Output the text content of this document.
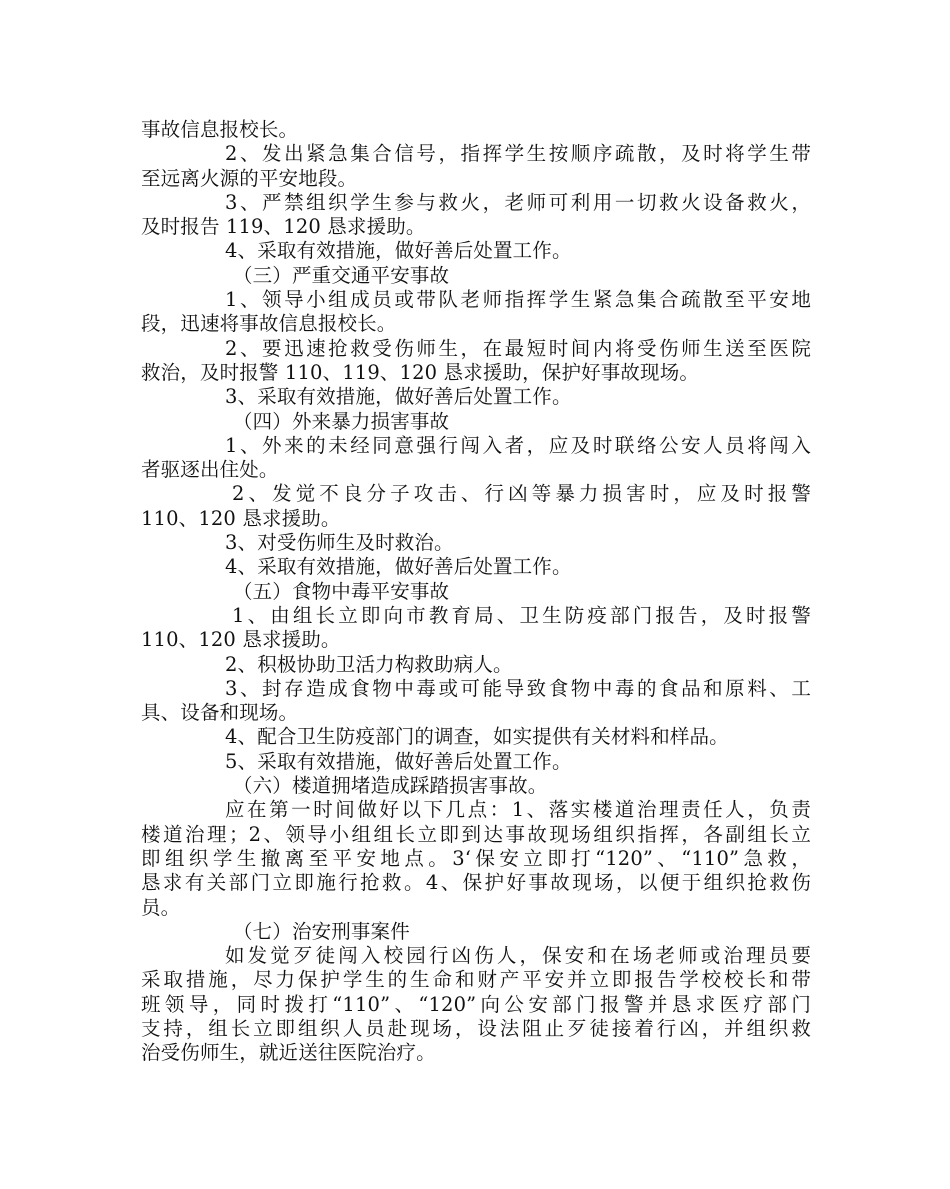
事故信息报校长。
2、发出紧急集合信号，指挥学生按顺序疏散，及时将学生带
至远离火源的平安地段。
3、严禁组织学生参与救火，老师可利用一切救火设备救火，
及时报告 119、120 恳求援助。
4、采取有效措施，做好善后处置工作。
（三）严重交通平安事故
1、领导小组成员或带队老师指挥学生紧急集合疏散至平安地
段，迅速将事故信息报校长。
2、要迅速抢救受伤师生，在最短时间内将受伤师生送至医院
救治，及时报警 110、119、120 恳求援助，保护好事故现场。
3、采取有效措施，做好善后处置工作。
（四）外来暴力损害事故
1、外来的未经同意强行闯入者，应及时联络公安人员将闯入
者驱逐出住处。
2、发觉不良分子攻击、行凶等暴力损害时，应及时报警
110、120 恳求援助。
3、对受伤师生及时救治。
4、采取有效措施，做好善后处置工作。
（五）食物中毒平安事故
1、由组长立即向市教育局、卫生防疫部门报告，及时报警
110、120 恳求援助。
2、积极协助卫活力构救助病人。
3、封存造成食物中毒或可能导致食物中毒的食品和原料、工
具、设备和现场。
4、配合卫生防疫部门的调查，如实提供有关材料和样品。
5、采取有效措施，做好善后处置工作。
（六）楼道拥堵造成踩踏损害事故。
应在第一时间做好以下几点：1、落实楼道治理责任人，负责
楼道治理；2、领导小组组长立即到达事故现场组织指挥，各副组长立
即组织学生撤离至平安地点。3‘保安立即打“120”、“110”急救，
恳求有关部门立即施行抢救。4、保护好事故现场，以便于组织抢救伤
员。
（七）治安刑事案件
如发觉歹徒闯入校园行凶伤人，保安和在场老师或治理员要
采取措施，尽力保护学生的生命和财产平安并立即报告学校校长和带
班领导，同时拨打“110”、“120”向公安部门报警并恳求医疗部门
支持，组长立即组织人员赴现场，设法阻止歹徒接着行凶，并组织救
治受伤师生，就近送往医院治疗。
